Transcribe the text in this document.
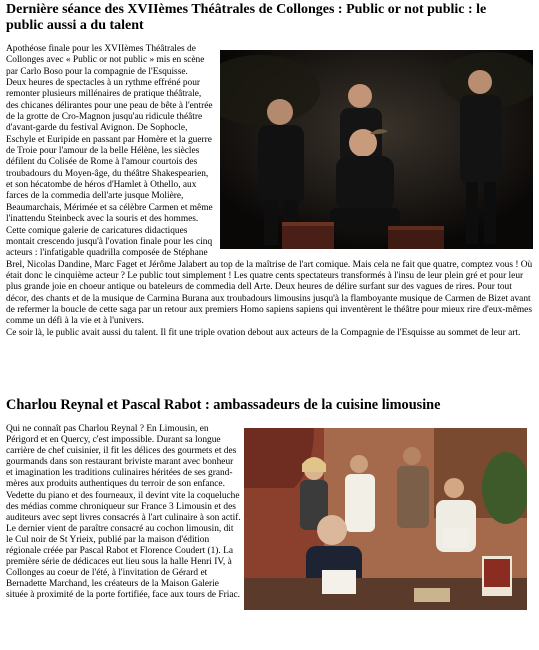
Dernière séance des XVIIèmes Théâtrales de Collonges : Public or not public : le public aussi a du talent

Apothéose finale pour les XVIIèmes Théâtrales de Collonges avec « Public or not public » mis en scène par Carlo Boso pour la compagnie de l'Esquisse.

Deux heures de spectacles à un rythme effréné pour remonter plusieurs millénaires de pratique théâtrale, des chicanes délirantes pour une peau de bête à l'entrée de la grotte de Cro-Magnon jusqu'au ridicule théâtre d'avant-garde du festival Avignon. De Sophocle, Eschyle et Euripide en passant par Homère et la guerre de Troie pour l'amour de la belle Hélène, les siècles défilent du Colisée de Rome à l'amour courtois des troubadours du Moyen-âge, du théâtre Shakespearien, et son hécatombe de héros d'Hamlet à Othello, aux farces de la commedia dell'arte jusque Molière, Beaumarchais, Mérimée et sa célèbre Carmen et même l'inattendu Steinbeck avec la souris et des hommes.

Cette comique galerie de caricatures didactiques montait crescendo jusqu'à l'ovation finale pour les cinq acteurs : l'infatigable quadrilla composée de Stéphane Brel, Nicolas Dandine, Marc Faget et Jérôme Jalabert au top de la maîtrise de l'art comique. Mais cela ne fait que quatre, comptez vous ! Où était donc le cinquième acteur ? Le public tout simplement ! Les quatre cents spectateurs transformés à l'insu de leur plein gré et pour leur plus grande joie en choeur antique ou bateleurs de commedia dell Arte. Deux heures de délire surfant sur des vagues de rires. Pour tout décor, des chants et de la musique de Carmina Burana aux troubadours limousins jusqu'à la flamboyante musique de Carmen de Bizet avant de refermer la boucle de cette saga par un retour aux premiers Homo sapiens sapiens qui inventèrent le théâtre pour mieux rire d'eux-mêmes comme un défi à la vie et à l'univers.

Ce soir là, le public avait aussi du talent. Il fit une triple ovation debout aux acteurs de la Compagnie de l'Esquisse au sommet de leur art.

Charlou Reynal et Pascal Rabot : ambassadeurs de la cuisine limousine

Qui ne connaît pas Charlou Reynal ? En Limousin, en Périgord et en Quercy, c'est impossible. Durant sa longue carrière de chef cuisinier, il fit les délices des gourmets et des gourmands dans son restaurant briviste marant avec bonheur et imagination les traditions culinaires héritées de ses grand-mères aux produits authentiques du terroir de son enfance. Vedette du piano et des fourneaux, il devint vite la coqueluche des médias comme chroniqueur sur France 3 Limousin et des auditeurs avec sept livres consacrés à l'art culinaire à son actif.

Le dernier vient de paraître consacré au cochon limousin, dit le Cul noir de St Yrieix, publié par la maison d'édition régionale créée par Pascal Rabot et Florence Coudert (1). La première série de dédicaces eut lieu sous la halle Henri IV, à Collonges au coeur de l'été, à l'invitation de Gérard et Bernadette Marchand, les créateurs de la Maison Galerie située à proximité de la porte fortifiée, face aux tours de Friac.
